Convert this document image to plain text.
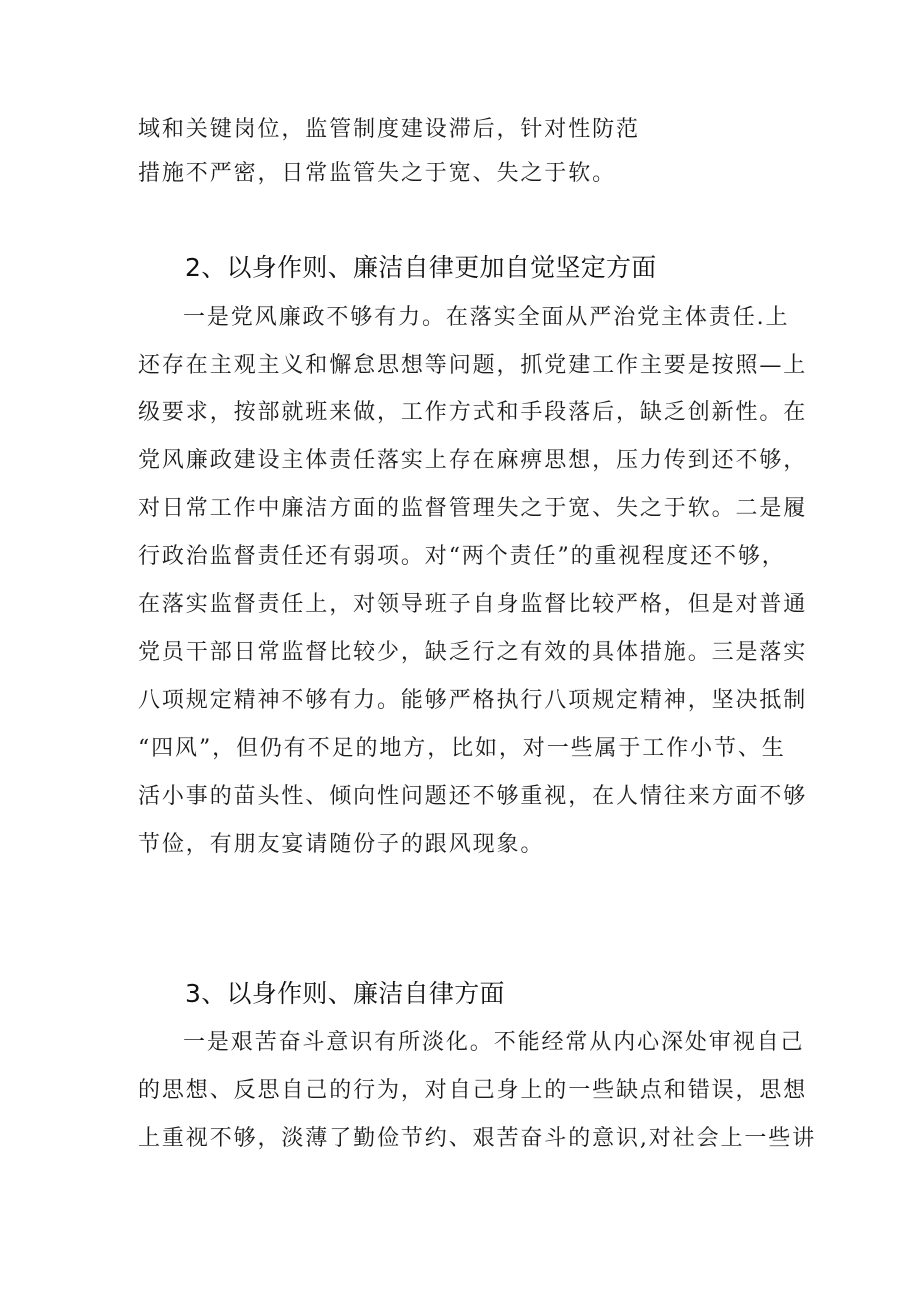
域和关键岗位，监管制度建设滞后，针对性防范
措施不严密，日常监管失之于宽、失之于软。
2、以身作则、廉洁自律更加自觉坚定方面
一是党风廉政不够有力。在落实全面从严治党主体责任.上
还存在主观主义和懈怠思想等问题，抓党建工作主要是按照—上
级要求，按部就班来做，工作方式和手段落后，缺乏创新性。在
党风廉政建设主体责任落实上存在麻痹思想，压力传到还不够，
对日常工作中廉洁方面的监督管理失之于宽、失之于软。二是履
行政治监督责任还有弱项。对“两个责任”的重视程度还不够，
在落实监督责任上，对领导班子自身监督比较严格，但是对普通
党员干部日常监督比较少，缺乏行之有效的具体措施。三是落实
八项规定精神不够有力。能够严格执行八项规定精神，坚决抵制
“四风”，但仍有不足的地方，比如，对一些属于工作小节、生
活小事的苗头性、倾向性问题还不够重视，在人情往来方面不够
节俭，有朋友宴请随份子的跟风现象。
3、以身作则、廉洁自律方面
一是艰苦奋斗意识有所淡化。不能经常从内心深处审视自己
的思想、反思自己的行为，对自己身上的一些缺点和错误，思想
上重视不够，淡薄了勤俭节约、艰苦奋斗的意识,对社会上一些讲
